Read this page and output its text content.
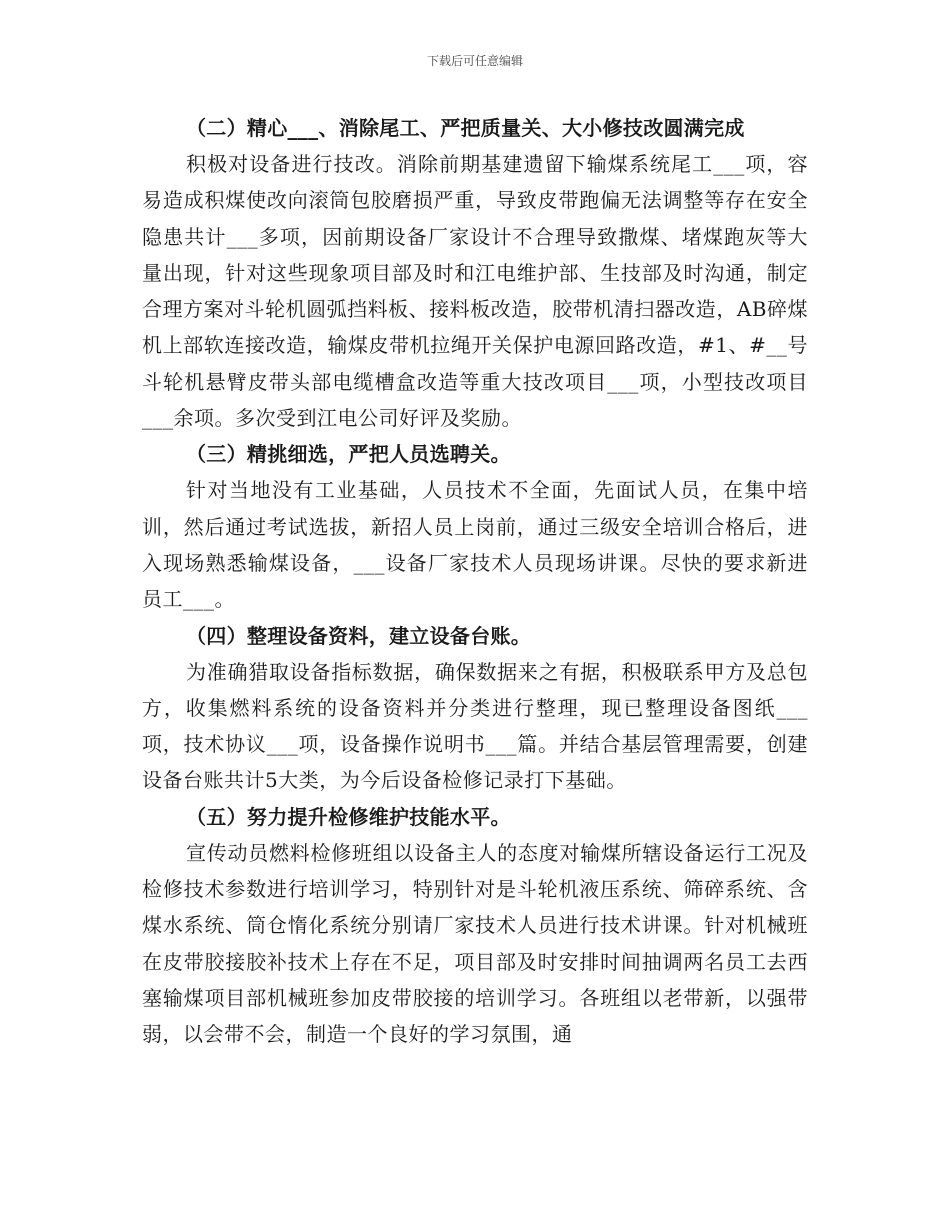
下载后可任意编辑
（二）精心___、消除尾工、严把质量关、大小修技改圆满完成

积极对设备进行技改。消除前期基建遗留下输煤系统尾工___项，容易造成积煤使改向滚筒包胶磨损严重，导致皮带跑偏无法调整等存在安全隐患共计___多项，因前期设备厂家设计不合理导致撒煤、堵煤跑灰等大量出现，针对这些现象项目部及时和江电维护部、生技部及时沟通，制定合理方案对斗轮机圆弧挡料板、接料板改造，胶带机清扫器改造，AB碎煤机上部软连接改造，输煤皮带机拉绳开关保护电源回路改造，#1、#__号斗轮机悬臂皮带头部电缆槽盒改造等重大技改项目___项，小型技改项目___余项。多次受到江电公司好评及奖励。

（三）精挑细选，严把人员选聘关。

针对当地没有工业基础，人员技术不全面，先面试人员，在集中培训，然后通过考试选拔，新招人员上岗前，通过三级安全培训合格后，进入现场熟悉输煤设备，___设备厂家技术人员现场讲课。尽快的要求新进员工___。

（四）整理设备资料，建立设备台账。

为准确猎取设备指标数据，确保数据来之有据，积极联系甲方及总包方，收集燃料系统的设备资料并分类进行整理，现已整理设备图纸___项，技术协议___项，设备操作说明书___篇。并结合基层管理需要，创建设备台账共计5大类，为今后设备检修记录打下基础。

（五）努力提升检修维护技能水平。

宣传动员燃料检修班组以设备主人的态度对输煤所辖设备运行工况及检修技术参数进行培训学习，特别针对是斗轮机液压系统、筛碎系统、含煤水系统、筒仓惰化系统分别请厂家技术人员进行技术讲课。针对机械班在皮带胶接胶补技术上存在不足，项目部及时安排时间抽调两名员工去西塞输煤项目部机械班参加皮带胶接的培训学习。各班组以老带新，以强带弱，以会带不会，制造一个良好的学习氛围，通
